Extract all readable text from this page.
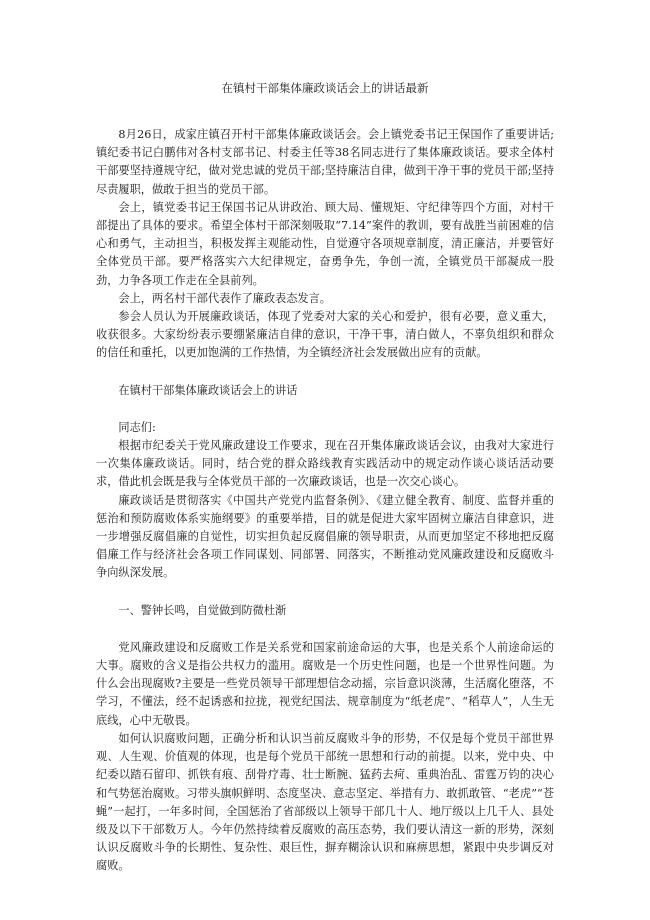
在镇村干部集体廉政谈话会上的讲话最新

8月26日，成家庄镇召开村干部集体廉政谈话会。会上镇党委书记王保国作了重要讲话;镇纪委书记白鹏伟对各村支部书记、村委主任等38名同志进行了集体廉政谈话。要求全体村干部要坚持遵规守纪，做对党忠诚的党员干部;坚持廉洁自律，做到干净干事的党员干部;坚持尽责履职，做敢于担当的党员干部。

会上，镇党委书记王保国书记从讲政治、顾大局、懂规矩、守纪律等四个方面，对村干部提出了具体的要求。希望全体村干部深刻吸取“7.14”案件的教训，要有战胜当前困难的信心和勇气，主动担当，积极发挥主观能动性，自觉遵守各项规章制度，清正廉洁，并要管好全体党员干部。要严格落实六大纪律规定，奋勇争先，争创一流，全镇党员干部凝成一股劲，力争各项工作走在全县前列。

会上，两名村干部代表作了廉政表态发言。

参会人员认为开展廉政谈话，体现了党委对大家的关心和爱护，很有必要，意义重大，收获很多。大家纷纷表示要绷紧廉洁自律的意识，干净干事，清白做人，不辜负组织和群众的信任和重托，以更加饱满的工作热情，为全镇经济社会发展做出应有的贡献。

在镇村干部集体廉政谈话会上的讲话

同志们:

根据市纪委关于党风廉政建设工作要求，现在召开集体廉政谈话会议，由我对大家进行一次集体廉政谈话。同时，结合党的群众路线教育实践活动中的规定动作谈心谈话活动要求，借此机会既是我与全体党员干部的一次廉政谈话，也是一次交心谈心。

廉政谈话是贯彻落实《中国共产党党内监督条例》、《建立健全教育、制度、监督并重的惩治和预防腐败体系实施纲要》的重要举措，目的就是促进大家牢固树立廉洁自律意识，进一步增强反腐倡廉的自觉性，切实担负起反腐倡廉的领导职责，从而更加坚定不移地把反腐倡廉工作与经济社会各项工作同谋划、同部署、同落实，不断推动党风廉政建设和反腐败斗争向纵深发展。

一、警钟长鸣，自觉做到防微杜渐

党风廉政建设和反腐败工作是关系党和国家前途命运的大事，也是关系个人前途命运的大事。腐败的含义是指公共权力的滥用。腐败是一个历史性问题，也是一个世界性问题。为什么会出现腐败?主要是一些党员领导干部理想信念动摇，宗旨意识淡薄，生活腐化堕落，不学习，不懂法，经不起诱惑和拉拢，视党纪国法、规章制度为“纸老虎”、“稻草人”，人生无底线，心中无敬畏。

如何认识腐败问题，正确分析和认识当前反腐败斗争的形势，不仅是每个党员干部世界观、人生观、价值观的体现，也是每个党员干部统一思想和行动的前提。以来，党中央、中纪委以踏石留印、抓铁有痕、刮骨疗毒、壮士断腕、猛药去疴、重典治乱、雷霆万钧的决心和气势惩治腐败。习带头旗帜鲜明、态度坚决、意志坚定、举措有力、敢抓敢管、“老虎”“苍蝇”一起打，一年多时间，全国惩治了省部级以上领导干部几十人、地厅级以上几千人、县处级及以下干部数万人。今年仍然持续着反腐败的高压态势，我们要认清这一新的形势，深刻认识反腐败斗争的长期性、复杂性、艰巨性，摒弃糊涂认识和麻痹思想，紧跟中央步调反对腐败。
